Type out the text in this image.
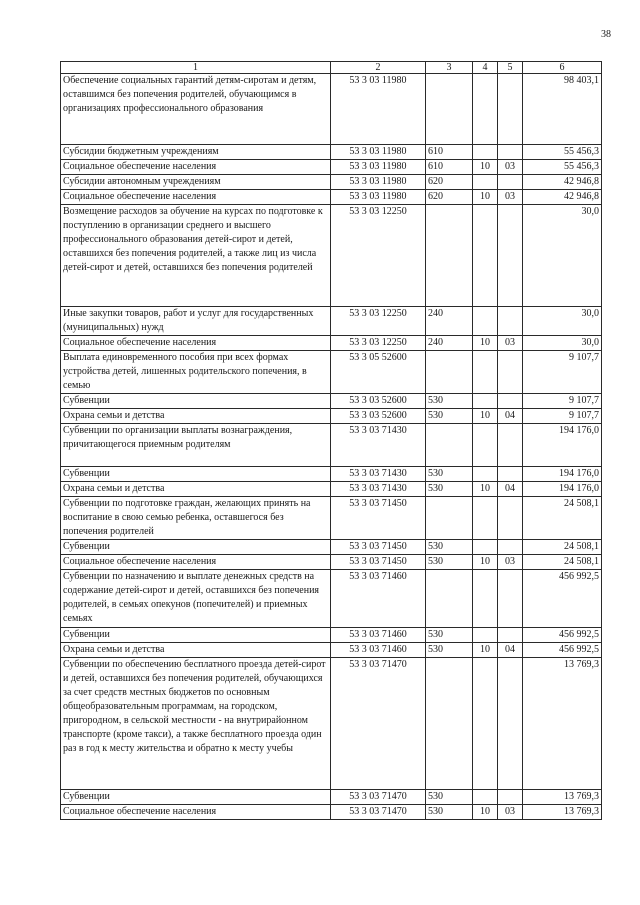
38
1	2	3	4	5	6
Обеспечение социальных гарантий детям-сиротам и детям, оставшимся без попечения родителей, обучающимся в организациях профессионального образования	53 3 03 11980				98 403,1
Субсидии бюджетным учреждениям	53 3 03 11980	610			55 456,3
Социальное обеспечение населения	53 3 03 11980	610	10	03	55 456,3
Субсидии автономным учреждениям	53 3 03 11980	620			42 946,8
Социальное обеспечение населения	53 3 03 11980	620	10	03	42 946,8
Возмещение расходов за обучение на курсах по подготовке к поступлению в организации среднего и высшего профессионального образования детей-сирот и детей, оставшихся без попечения родителей, а также лиц из числа детей-сирот и детей, оставшихся без попечения родителей	53 3 03 12250				30,0
Иные закупки товаров, работ и услуг для государственных (муниципальных) нужд	53 3 03 12250	240			30,0
Социальное обеспечение населения	53 3 03 12250	240	10	03	30,0
Выплата единовременного пособия при всех формах устройства детей, лишенных родительского попечения, в семью	53 3 05 52600				9 107,7
Субвенции	53 3 03 52600	530			9 107,7
Охрана семьи и детства	53 3 03 52600	530	10	04	9 107,7
Субвенции по организации выплаты вознаграждения, причитающегося приемным родителям	53 3 03 71430				194 176,0
Субвенции	53 3 03 71430	530			194 176,0
Охрана семьи и детства	53 3 03 71430	530	10	04	194 176,0
Субвенции по подготовке граждан, желающих принять на воспитание в свою семью ребенка, оставшегося без попечения родителей	53 3 03 71450				24 508,1
Субвенции	53 3 03 71450	530			24 508,1
Социальное обеспечение населения	53 3 03 71450	530	10	03	24 508,1
Субвенции по назначению и выплате денежных средств на содержание детей-сирот и детей, оставшихся без попечения родителей, в семьях опекунов (попечителей) и приемных семьях	53 3 03 71460				456 992,5
Субвенции	53 3 03 71460	530			456 992,5
Охрана семьи и детства	53 3 03 71460	530	10	04	456 992,5
Субвенции по обеспечению бесплатного проезда детей-сирот и детей, оставшихся без попечения родителей, обучающихся за счет средств местных бюджетов по основным общеобразовательным программам, на городском, пригородном, в сельской местности - на внутрирайонном транспорте (кроме такси), а также бесплатного проезда один раз в год к месту жительства и обратно к месту учебы	53 3 03 71470				13 769,3
Субвенции	53 3 03 71470	530			13 769,3
Социальное обеспечение населения	53 3 03 71470	530	10	03	13 769,3
